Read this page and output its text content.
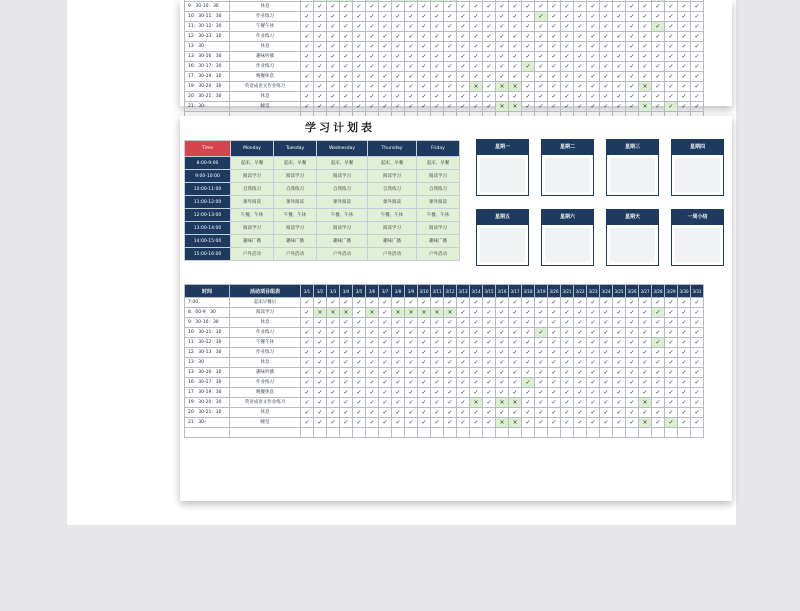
9：30-10：30	休息	✓	✓	✓	✓	✓	✓	✓	✓	✓	✓	✓	✓	✓	✓	✓	✓	✓	✓	✓	✓	✓	✓	✓	✓	✓	✓	✓	✓	✓	✓	✓
10：30-11：30	作业练习	✓	✓	✓	✓	✓	✓	✓	✓	✓	✓	✓	✓	✓	✓	✓	✓	✓	✓	✓	✓	✓	✓	✓	✓	✓	✓	✓	✓	✓	✓	✓
11：30-12：30	午餐午休	✓	✓	✓	✓	✓	✓	✓	✓	✓	✓	✓	✓	✓	✓	✓	✓	✓	✓	✓	✓	✓	✓	✓	✓	✓	✓	✓	✓	✓	✓	✓
12：30-13：30	作业练习	✓	✓	✓	✓	✓	✓	✓	✓	✓	✓	✓	✓	✓	✓	✓	✓	✓	✓	✓	✓	✓	✓	✓	✓	✓	✓	✓	✓	✓	✓	✓
13：30	休息	✓	✓	✓	✓	✓	✓	✓	✓	✓	✓	✓	✓	✓	✓	✓	✓	✓	✓	✓	✓	✓	✓	✓	✓	✓	✓	✓	✓	✓	✓	✓
13：30-16：30	趣味听播	✓	✓	✓	✓	✓	✓	✓	✓	✓	✓	✓	✓	✓	✓	✓	✓	✓	✓	✓	✓	✓	✓	✓	✓	✓	✓	✓	✓	✓	✓	✓
16：30-17：30	作业练习	✓	✓	✓	✓	✓	✓	✓	✓	✓	✓	✓	✓	✓	✓	✓	✓	✓	✓	✓	✓	✓	✓	✓	✓	✓	✓	✓	✓	✓	✓	✓
17：30-19：30	晚餐休息	✓	✓	✓	✓	✓	✓	✓	✓	✓	✓	✓	✓	✓	✓	✓	✓	✓	✓	✓	✓	✓	✓	✓	✓	✓	✓	✓	✓	✓	✓	✓
19：30-20：30	英语成语文作业练习	✓	✓	✓	✓	✓	✓	✓	✓	✓	✓	✓	✓	✓	×	✓	×	×	✓	✓	✓	✓	✓	✓	✓	✓	✓	×	✓	✓	✓	✓
20：30-21：30	休息	✓	✓	✓	✓	✓	✓	✓	✓	✓	✓	✓	✓	✓	✓	✓	✓	✓	✓	✓	✓	✓	✓	✓	✓	✓	✓	✓	✓	✓	✓	✓
21：30-	睡觉	✓	✓	✓	✓	✓	✓	✓	✓	✓	✓	✓	✓	✓	✓	✓	×	×	✓	✓	✓	✓	✓	✓	✓	✓	✓	×	✓	✓	✓	✓

学习计划表
Time	Monday	Tuesday	Wednesday	Thursday	Friday
8:00-9:00	起床、早餐	起床、早餐	起床、早餐	起床、早餐	起床、早餐
9:00-10:00	阅读学习	阅读学习	阅读学习	阅读学习	阅读学习
10:00-11:00	自我练习	自我练习	自我练习	自我练习	自我练习
11:00-12:00	课外阅读	课外阅读	课外阅读	课外阅读	课外阅读
12:00-13:00	午餐、午休	午餐、午休	午餐、午休	午餐、午休	午餐、午休
13:00-14:00	阅读学习	阅读学习	阅读学习	阅读学习	阅读学习
14:00-15:00	趣味广播	趣味广播	趣味广播	趣味广播	趣味广播
15:00-16:00	户外活动	户外活动	户外活动	户外活动	户外活动
星期一	星期二	星期三	星期四
星期五	星期六	星期天	一周小结
时间	活动项目组表	3/1	3/2	3/3	3/4	3/5	3/6	3/7	3/8	3/9	3/10	3/11	3/12	3/13	3/14	3/15	3/16	3/17	3/18	3/19	3/20	3/21	3/22	3/23	3/24	3/25	3/26	3/27	3/28	3/29	3/30	3/31
7:00	起床早餐后	✓	✓	✓	✓	✓	✓	✓	✓	✓	✓	✓	✓	✓	✓	✓	✓	✓	✓	✓	✓	✓	✓	✓	✓	✓	✓	✓	✓	✓	✓	✓
8：00-9：30	阅读学习	✓	×	×	×	✓	×	✓	×	×	×	×	×	✓	✓	✓	✓	✓	✓	✓	✓	✓	✓	✓	✓	✓	✓	✓	✓	✓	✓	✓
9：30-10：30	休息	✓	✓	✓	✓	✓	✓	✓	✓	✓	✓	✓	✓	✓	✓	✓	✓	✓	✓	✓	✓	✓	✓	✓	✓	✓	✓	✓	✓	✓	✓	✓
10：30-11：30	作业练习	✓	✓	✓	✓	✓	✓	✓	✓	✓	✓	✓	✓	✓	✓	✓	✓	✓	✓	✓	✓	✓	✓	✓	✓	✓	✓	✓	✓	✓	✓	✓
11：30-12：30	午餐午休	✓	✓	✓	✓	✓	✓	✓	✓	✓	✓	✓	✓	✓	✓	✓	✓	✓	✓	✓	✓	✓	✓	✓	✓	✓	✓	✓	✓	✓	✓	✓
12：30-13：30	作业练习	✓	✓	✓	✓	✓	✓	✓	✓	✓	✓	✓	✓	✓	✓	✓	✓	✓	✓	✓	✓	✓	✓	✓	✓	✓	✓	✓	✓	✓	✓	✓
13：30	休息	✓	✓	✓	✓	✓	✓	✓	✓	✓	✓	✓	✓	✓	✓	✓	✓	✓	✓	✓	✓	✓	✓	✓	✓	✓	✓	✓	✓	✓	✓	✓
13：30-16：30	趣味听播	✓	✓	✓	✓	✓	✓	✓	✓	✓	✓	✓	✓	✓	✓	✓	✓	✓	✓	✓	✓	✓	✓	✓	✓	✓	✓	✓	✓	✓	✓	✓
16：30-17：30	作业练习	✓	✓	✓	✓	✓	✓	✓	✓	✓	✓	✓	✓	✓	✓	✓	✓	✓	✓	✓	✓	✓	✓	✓	✓	✓	✓	✓	✓	✓	✓	✓
17：30-19：30	晚餐休息	✓	✓	✓	✓	✓	✓	✓	✓	✓	✓	✓	✓	✓	✓	✓	✓	✓	✓	✓	✓	✓	✓	✓	✓	✓	✓	✓	✓	✓	✓	✓
19：30-20：30	英语成语文作业练习	✓	✓	✓	✓	✓	✓	✓	✓	✓	✓	✓	✓	✓	×	✓	×	×	✓	✓	✓	✓	✓	✓	✓	✓	✓	×	✓	✓	✓	✓
20：30-21：30	休息	✓	✓	✓	✓	✓	✓	✓	✓	✓	✓	✓	✓	✓	✓	✓	✓	✓	✓	✓	✓	✓	✓	✓	✓	✓	✓	✓	✓	✓	✓	✓
21：30-	睡觉	✓	✓	✓	✓	✓	✓	✓	✓	✓	✓	✓	✓	✓	✓	✓	×	×	✓	✓	✓	✓	✓	✓	✓	✓	✓	×	✓	✓	✓	✓
